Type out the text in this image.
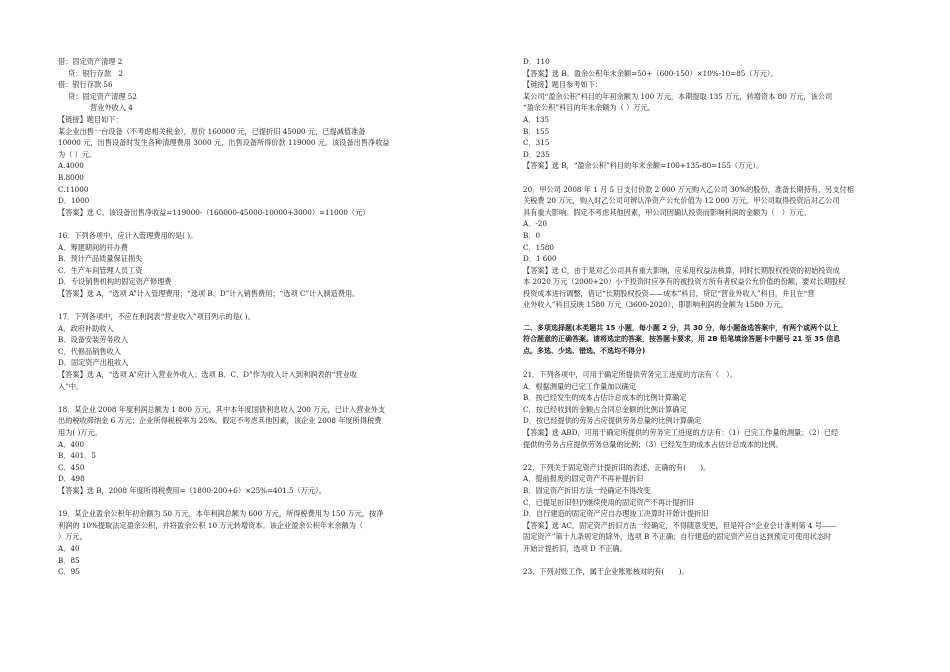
借：固定资产清理 2
贷：银行存款　2
借：银行存款 56
贷：固定资产清理 52
营业外收入 4
【链接】题目如下：
某企业出售一台设备（不考虑相关税金），原价 160000 元，已提折旧 45000 元，已提减值准备
10000 元，出售设备时发生各种清理费用 3000 元，出售设备所得价款 119000 元。该设备出售净收益
为（ ）元。
A.4000
B.8000
C.11000
D．1000
【答案】选 C。该设备出售净收益=119000-（160000-45000-10000+3000）=11000（元）
16．下列各项中，应计入管理费用的是( )。
A．筹建期间的开办费
B．预计产品质量保证损失
C．生产车间管理人员工资
D．专设销售机构的固定资产修理费
【答案】选 A，“选项 A”计入管理费用；“选项 B、D”计入销售费用；“选项 C”计入制造费用。
17．下列各项中，不应在利润表“营业收入”项目列示的是( )。
A．政府补助收入
B．设备安装劳务收入
C．代修品销售收入
D．固定资产出租收入
【答案】选 A，“选项 A”应计入营业外收入；选项 B、C、D”作为收入计入到利润表的“营业收
入”中。
18．某企业 2008 年度利润总额为 1 800 万元，其中本年度国债利息收入 200 万元，已计入营业外支
出的税收滞纳金 6 万元；企业所得税税率为 25%。假定不考虑其他因素，该企业 2008 年度所得税费
用为( )万元。
A．400
B．401．5
C．450
D．498
【答案】选 B，2008 年度所得税费用=（1800-200+6）×25%=401.5（万元）。
19．某企业盈余公积年初余额为 50 万元，本年利润总额为 600 万元，所得税费用为 150 万元，按净
利润的 10%提取法定盈余公积，并将盈余公积 10 万元转增资本。该企业盈余公积年末余额为（
）万元。
A．40
B．85
C．95
D．110
【答案】选 B。盈余公积年末余额=50+（600-150）×10%-10=85（万元）。
【链接】题目参考如下：
某公司“盈余公积”科目的年初余额为 100 万元，本期提取 135 万元，转增资本 80 万元，该公司
“盈余公积”科目的年末余额为（ ）万元。
A．135
B．155
C．315
D．235
【答案】选 B，“盈余公积”科目的年末余额=100+135-80=155（万元）。
20．甲公司 2008 年 1 月 5 日支付价款 2 000 万元购入乙公司 30%的股份，准备长期持有，另支付相
关税费 20 万元，购入时乙公司可辨认净资产公允价值为 12 000 万元。甲公司取得投资后对乙公司
具有重大影响。假定不考虑其他因素，甲公司因确认投资而影响利润的金额为（　）万元。
A．-20
B．0
C．1580
D．1 600
【答案】选 C，由于是对乙公司具有重大影响，应采用权益法核算，同时长期股权投资的初始投资成
本 2020 万元（2000+20）小于投资时应享有的被投资方所有者权益公允价值的份额，要对长期股权
投资成本进行调整，借记“长期股权投资——成本”科目，贷记“营业外收入”科目，并且在“营
业外收入”科目反映 1580 万元（3600-2020），即影响利润的金额为 1580 万元。
二、多项选择题(本类题共 15 小题，每小题 2 分，共 30 分，每小题备选答案中，有两个或两个以上
符合题意的正确答案。请将选定的答案，按答题卡要求，用 2B 铅笔填涂答题卡中题号 21 至 35 信息
点。多选、少选、错选、不选均不得分)
21．下列各项中，可用于确定所提供劳务完工进度的方法有（　）。
A．根据测量的已完工作量加以确定
B．按已经发生的成本占估计总成本的比例计算确定
C．按已经收到的金额占合同总金额的比例计算确定
D．按已经提供的劳务占应提供劳务总量的比例计算确定
【答案】选 ABD，可用于确定所提供的劳务完工进度的方法有：（1）已完工作量的测量；（2）已经
提供的劳务占应提供劳务总量的比例；（3）已经发生的成本占估计总成本的比例。
22．下列关于固定资产计提折旧的表述，正确的有(　　)。
A．提前报废的固定资产不再补提折旧
B．固定资产折旧方法一经确定不得改变
C．已提足折旧但仍继续使用的固定资产不再计提折旧
D．自行建造的固定资产应自办理竣工决算时开始计提折旧
【答案】选 AC，固定资产折旧方法一经确定，不得随意变更，但是符合“企业会计准则第 4 号——
固定资产”第十九条规定的除外，选项 B 不正确；自行建造的固定资产应自达到预定可使用状态时
开始计提折旧，选项 D 不正确。
23．下列对账工作，属于企业账账核对的有(　　)。
